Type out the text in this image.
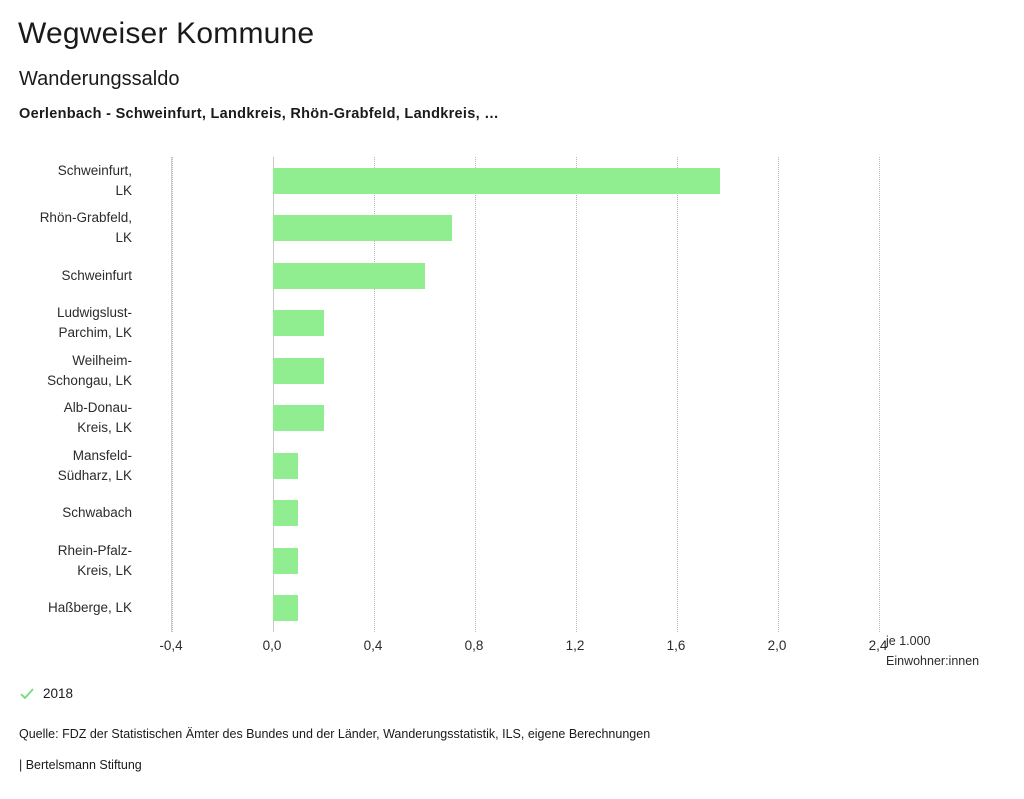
Wegweiser Kommune
Wanderungssaldo
Oerlenbach - Schweinfurt, Landkreis, Rhön-Grabfeld, Landkreis, …
Schweinfurt,
LK
Rhön-Grabfeld,
LK
Schweinfurt
Ludwigslust-
Parchim, LK
Weilheim-
Schongau, LK
Alb-Donau-
Kreis, LK
Mansfeld-
Südharz, LK
Schwabach
Rhein-Pfalz-
Kreis, LK
Haßberge, LK
-0,4	0,0	0,4	0,8	1,2	1,6	2,0	2,4
je 1.000
Einwohner:innen
2018
Quelle: FDZ der Statistischen Ämter des Bundes und der Länder, Wanderungsstatistik, ILS, eigene Berechnungen
| Bertelsmann Stiftung
